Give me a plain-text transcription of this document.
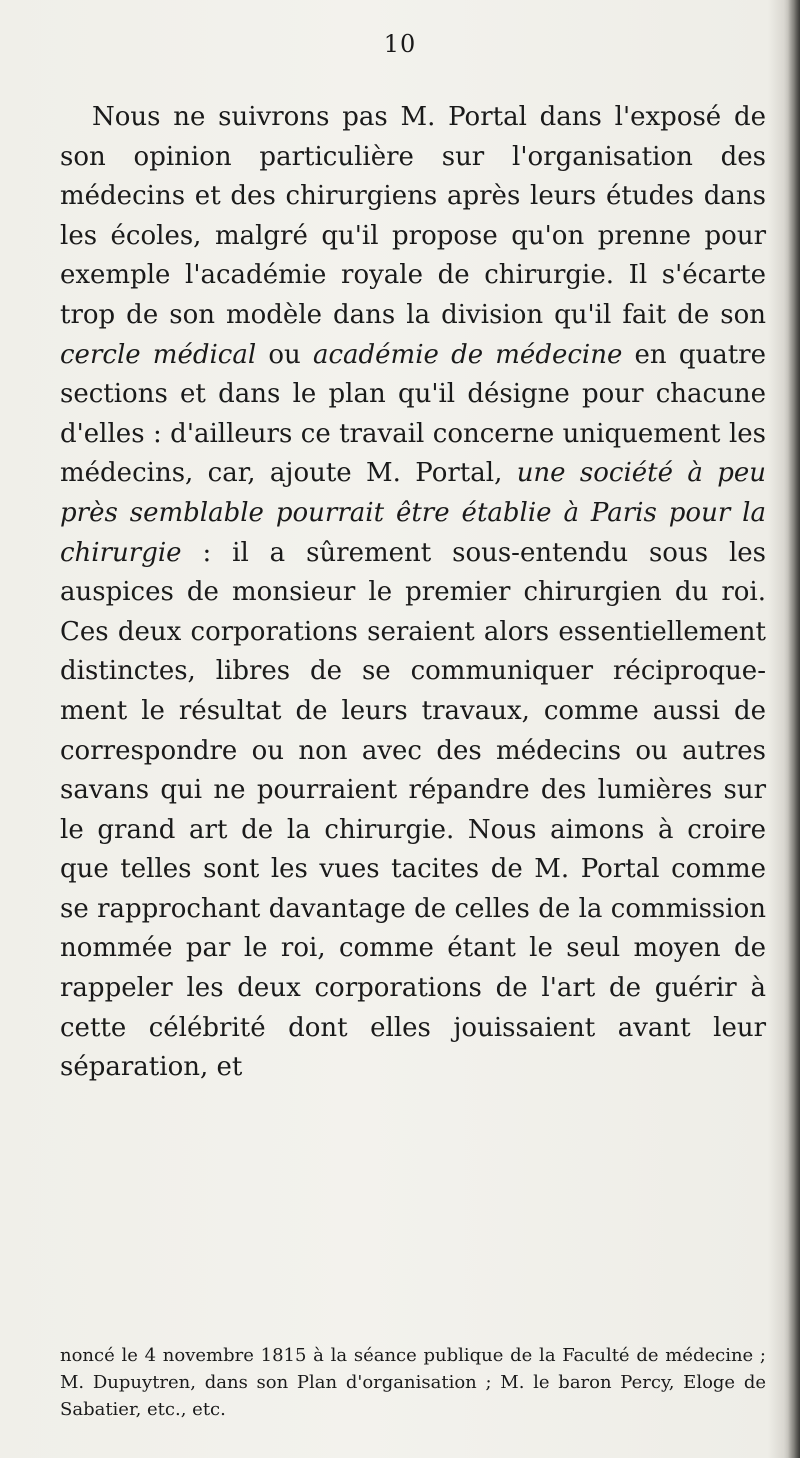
10

Nous ne suivrons pas M. Portal dans l'exposé de son opinion particulière sur l'organisation des médecins et des chirurgiens après leurs études dans les écoles, malgré qu'il propose qu'on prenne pour exemple l'académie royale de chirurgie. Il s'écarte trop de son modèle dans la division qu'il fait de son cercle médical ou académie de médecine en quatre sections et dans le plan qu'il désigne pour chacune d'elles : d'ailleurs ce travail concerne uniquement les médecins, car, ajoute M. Portal, une société à peu près semblable pourrait être établie à Paris pour la chirurgie : il a sûrement sous-entendu sous les auspices de monsieur le premier chirurgien du roi. Ces deux corporations seraient alors essentiellement distinctes, libres de se communiquer réciproquement le résultat de leurs travaux, comme aussi de correspondre ou non avec des médecins ou autres savans qui ne pourraient répandre des lumières sur le grand art de la chirurgie. Nous aimons à croire que telles sont les vues tacites de M. Portal comme se rapprochant davantage de celles de la commission nommée par le roi, comme étant le seul moyen de rappeler les deux corporations de l'art de guérir à cette célébrité dont elles jouissaient avant leur séparation, et

noncé le 4 novembre 1815 à la séance publique de la Faculté de médecine ; M. Dupuytren, dans son Plan d'organisation ; M. le baron Percy, Eloge de Sabatier, etc., etc.
